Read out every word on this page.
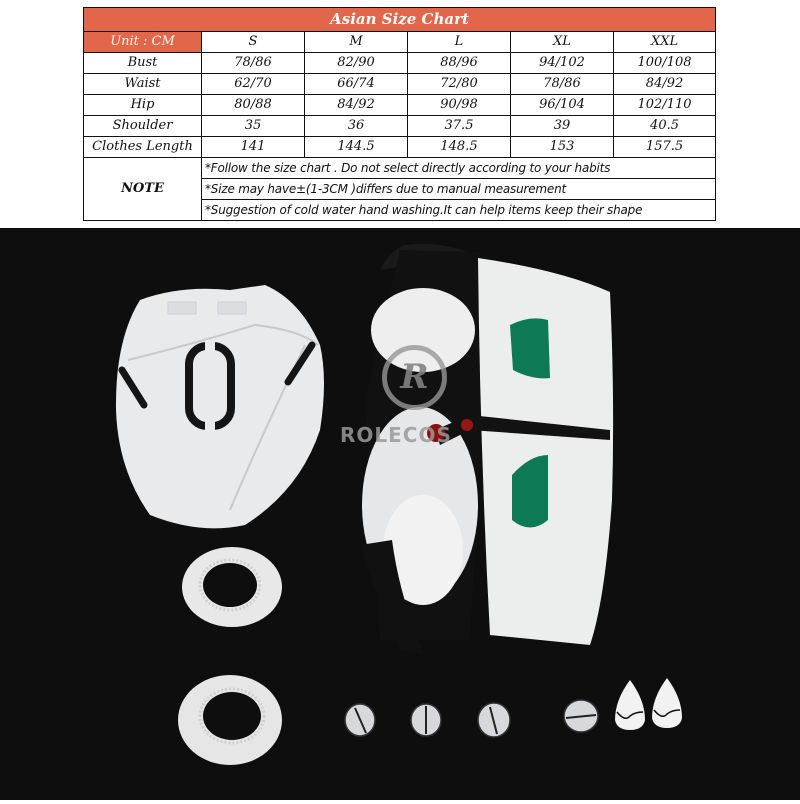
Asian Size Chart					
Unit : CM	S	M	L	XL	XXL
Bust	78/86	82/90	88/96	94/102	100/108
Waist	62/70	66/74	72/80	78/86	84/92
Hip	80/88	84/92	90/98	96/104	102/110
Shoulder	35	36	37.5	39	40.5
Clothes Length	141	144.5	148.5	153	157.5
NOTE	*Follow the size chart . Do not select directly according to your habits				
	*Size may have±(1-3CM )differs due to manual measurement				
	*Suggestion of cold water hand washing.It can help items keep their shape				
R
ROLECOS
